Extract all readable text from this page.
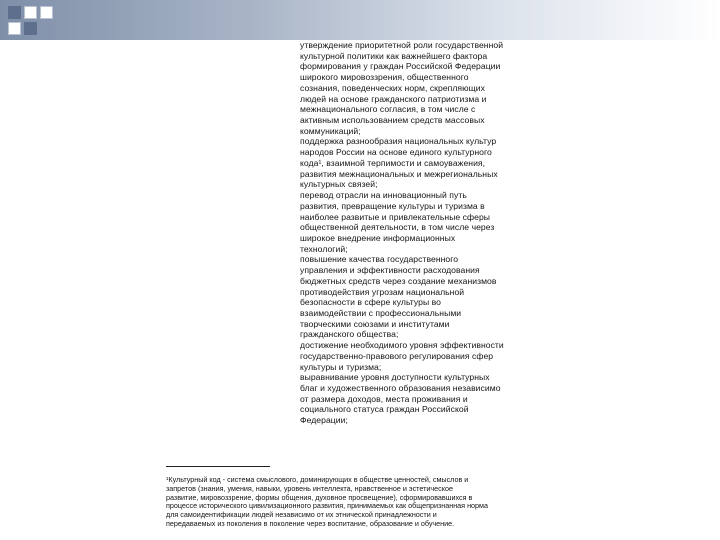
утверждение приоритетной роли государственной

культурной политики как важнейшего фактора

формирования у граждан Российской Федерации

широкого мировоззрения, общественного

сознания, поведенческих норм, скрепляющих

людей на основе гражданского патриотизма и

межнационального согласия, в том числе с

активным использованием средств массовых

коммуникаций;

поддержка разнообразия национальных культур

народов России на основе единого культурного

кода¹, взаимной терпимости и самоуважения,

развития межнациональных и межрегиональных

культурных связей;

перевод отрасли на инновационный путь

развития, превращение культуры и туризма в

наиболее развитые и привлекательные сферы

общественной деятельности, в том числе через

широкое внедрение информационных

технологий;

повышение качества государственного

управления и эффективности расходования

бюджетных средств через создание механизмов

противодействия угрозам национальной

безопасности в сфере культуры во

взаимодействии с профессиональными

творческими союзами и институтами

гражданского общества;

достижение необходимого уровня эффективности

государственно-правового регулирования сфер

культуры и туризма;

выравнивание уровня доступности культурных

благ и художественного образования независимо

от размера доходов, места проживания и

социального статуса граждан Российской

Федерации;

¹Культурный код - система смыслового, доминирующих в обществе ценностей, смыслов и

запретов (знания, умения, навыки, уровень интеллекта, нравственное и эстетическое

развитие, мировоззрение, формы общения, духовное просвещение), сформировавшихся в

процессе исторического цивилизационного развития, принимаемых как общепризнанная норма

для самоидентификации людей независимо от их этнической принадлежности и

передаваемых из поколения в поколение через воспитание, образование и обучение.
